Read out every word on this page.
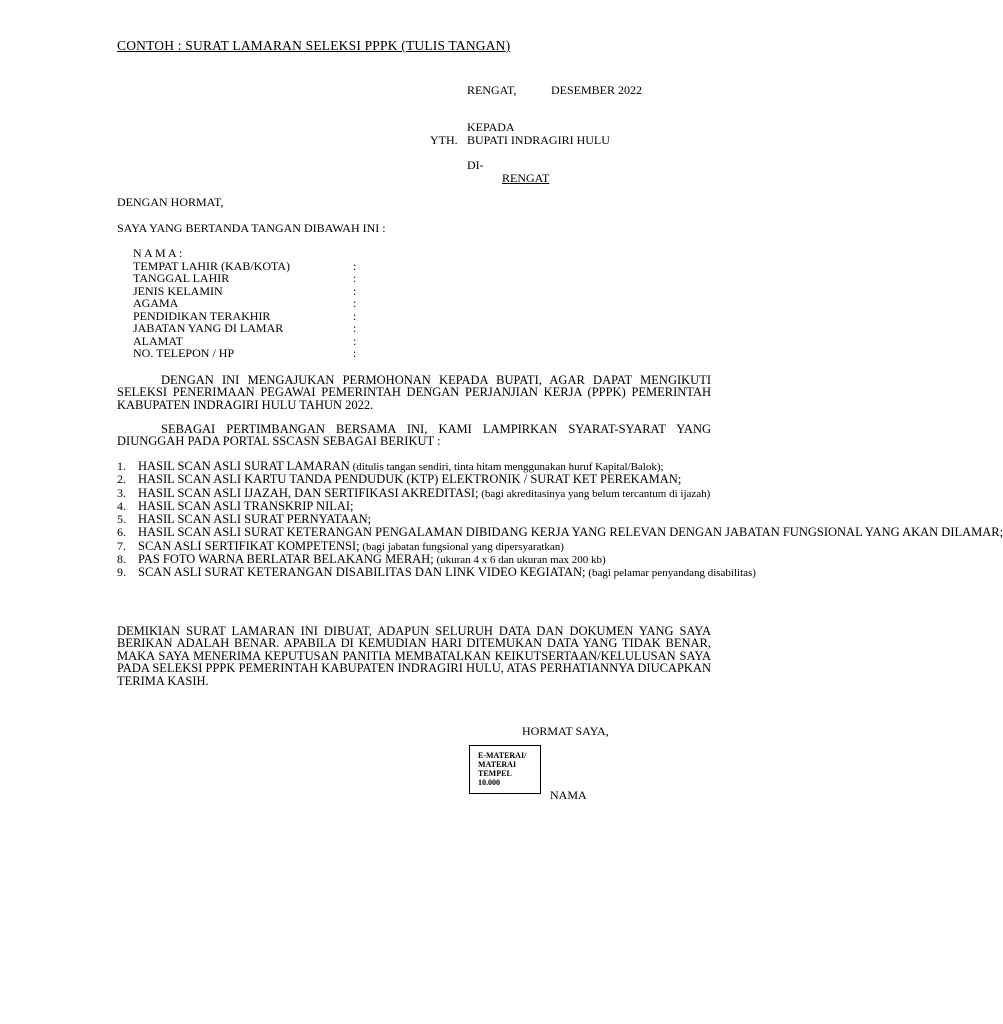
CONTOH : SURAT LAMARAN SELEKSI PPPK (TULIS TANGAN)
RENGAT,	DESEMBER 2022
KEPADA
YTH. BUPATI INDRAGIRI HULU
DI-
RENGAT
DENGAN HORMAT,
SAYA YANG BERTANDA TANGAN DIBAWAH INI :
N A M A :
TEMPAT LAHIR (KAB/KOTA)	:
TANGGAL LAHIR	:
JENIS KELAMIN	:
AGAMA	:
PENDIDIKAN TERAKHIR	:
JABATAN YANG DI LAMAR	:
ALAMAT	:
NO. TELEPON / HP	:
DENGAN INI MENGAJUKAN PERMOHONAN KEPADA BUPATI, AGAR DAPAT MENGIKUTI SELEKSI PENERIMAAN PEGAWAI PEMERINTAH DENGAN PERJANJIAN KERJA (PPPK) PEMERINTAH KABUPATEN INDRAGIRI HULU TAHUN 2022.
SEBAGAI PERTIMBANGAN BERSAMA INI, KAMI LAMPIRKAN SYARAT-SYARAT YANG DIUNGGAH PADA PORTAL SSCASN SEBAGAI BERIKUT :
1. HASIL SCAN ASLI SURAT LAMARAN (ditulis tangan sendiri, tinta hitam menggunakan huruf Kapital/Balok);
2. HASIL SCAN ASLI KARTU TANDA PENDUDUK (KTP) ELEKTRONIK / SURAT KET PEREKAMAN;
3. HASIL SCAN ASLI IJAZAH, DAN SERTIFIKASI AKREDITASI; (bagi akreditasinya yang belum tercantum di ijazah)
4. HASIL SCAN ASLI TRANSKRIP NILAI;
5. HASIL SCAN ASLI SURAT PERNYATAAN;
6. HASIL SCAN ASLI SURAT KETERANGAN PENGALAMAN DIBIDANG KERJA YANG RELEVAN DENGAN JABATAN FUNGSIONAL YANG AKAN DILAMAR;
7. SCAN ASLI SERTIFIKAT KOMPETENSI; (bagi jabatan fungsional yang dipersyaratkan)
8. PAS FOTO WARNA BERLATAR BELAKANG MERAH; (ukuran 4 x 6 dan ukuran max 200 kb)
9. SCAN ASLI SURAT KETERANGAN DISABILITAS DAN LINK VIDEO KEGIATAN; (bagi pelamar penyandang disabilitas)
DEMIKIAN SURAT LAMARAN INI DIBUAT, ADAPUN SELURUH DATA DAN DOKUMEN YANG SAYA BERIKAN ADALAH BENAR. APABILA DI KEMUDIAN HARI DITEMUKAN DATA YANG TIDAK BENAR, MAKA SAYA MENERIMA KEPUTUSAN PANITIA MEMBATALKAN KEIKUTSERTAAN/KELULUSAN SAYA PADA SELEKSI PPPK PEMERINTAH KABUPATEN INDRAGIRI HULU, ATAS PERHATIANNYA DIUCAPKAN TERIMA KASIH.
HORMAT SAYA,
E-MATERAI/
MATERAI
TEMPEL
10.000
NAMA
